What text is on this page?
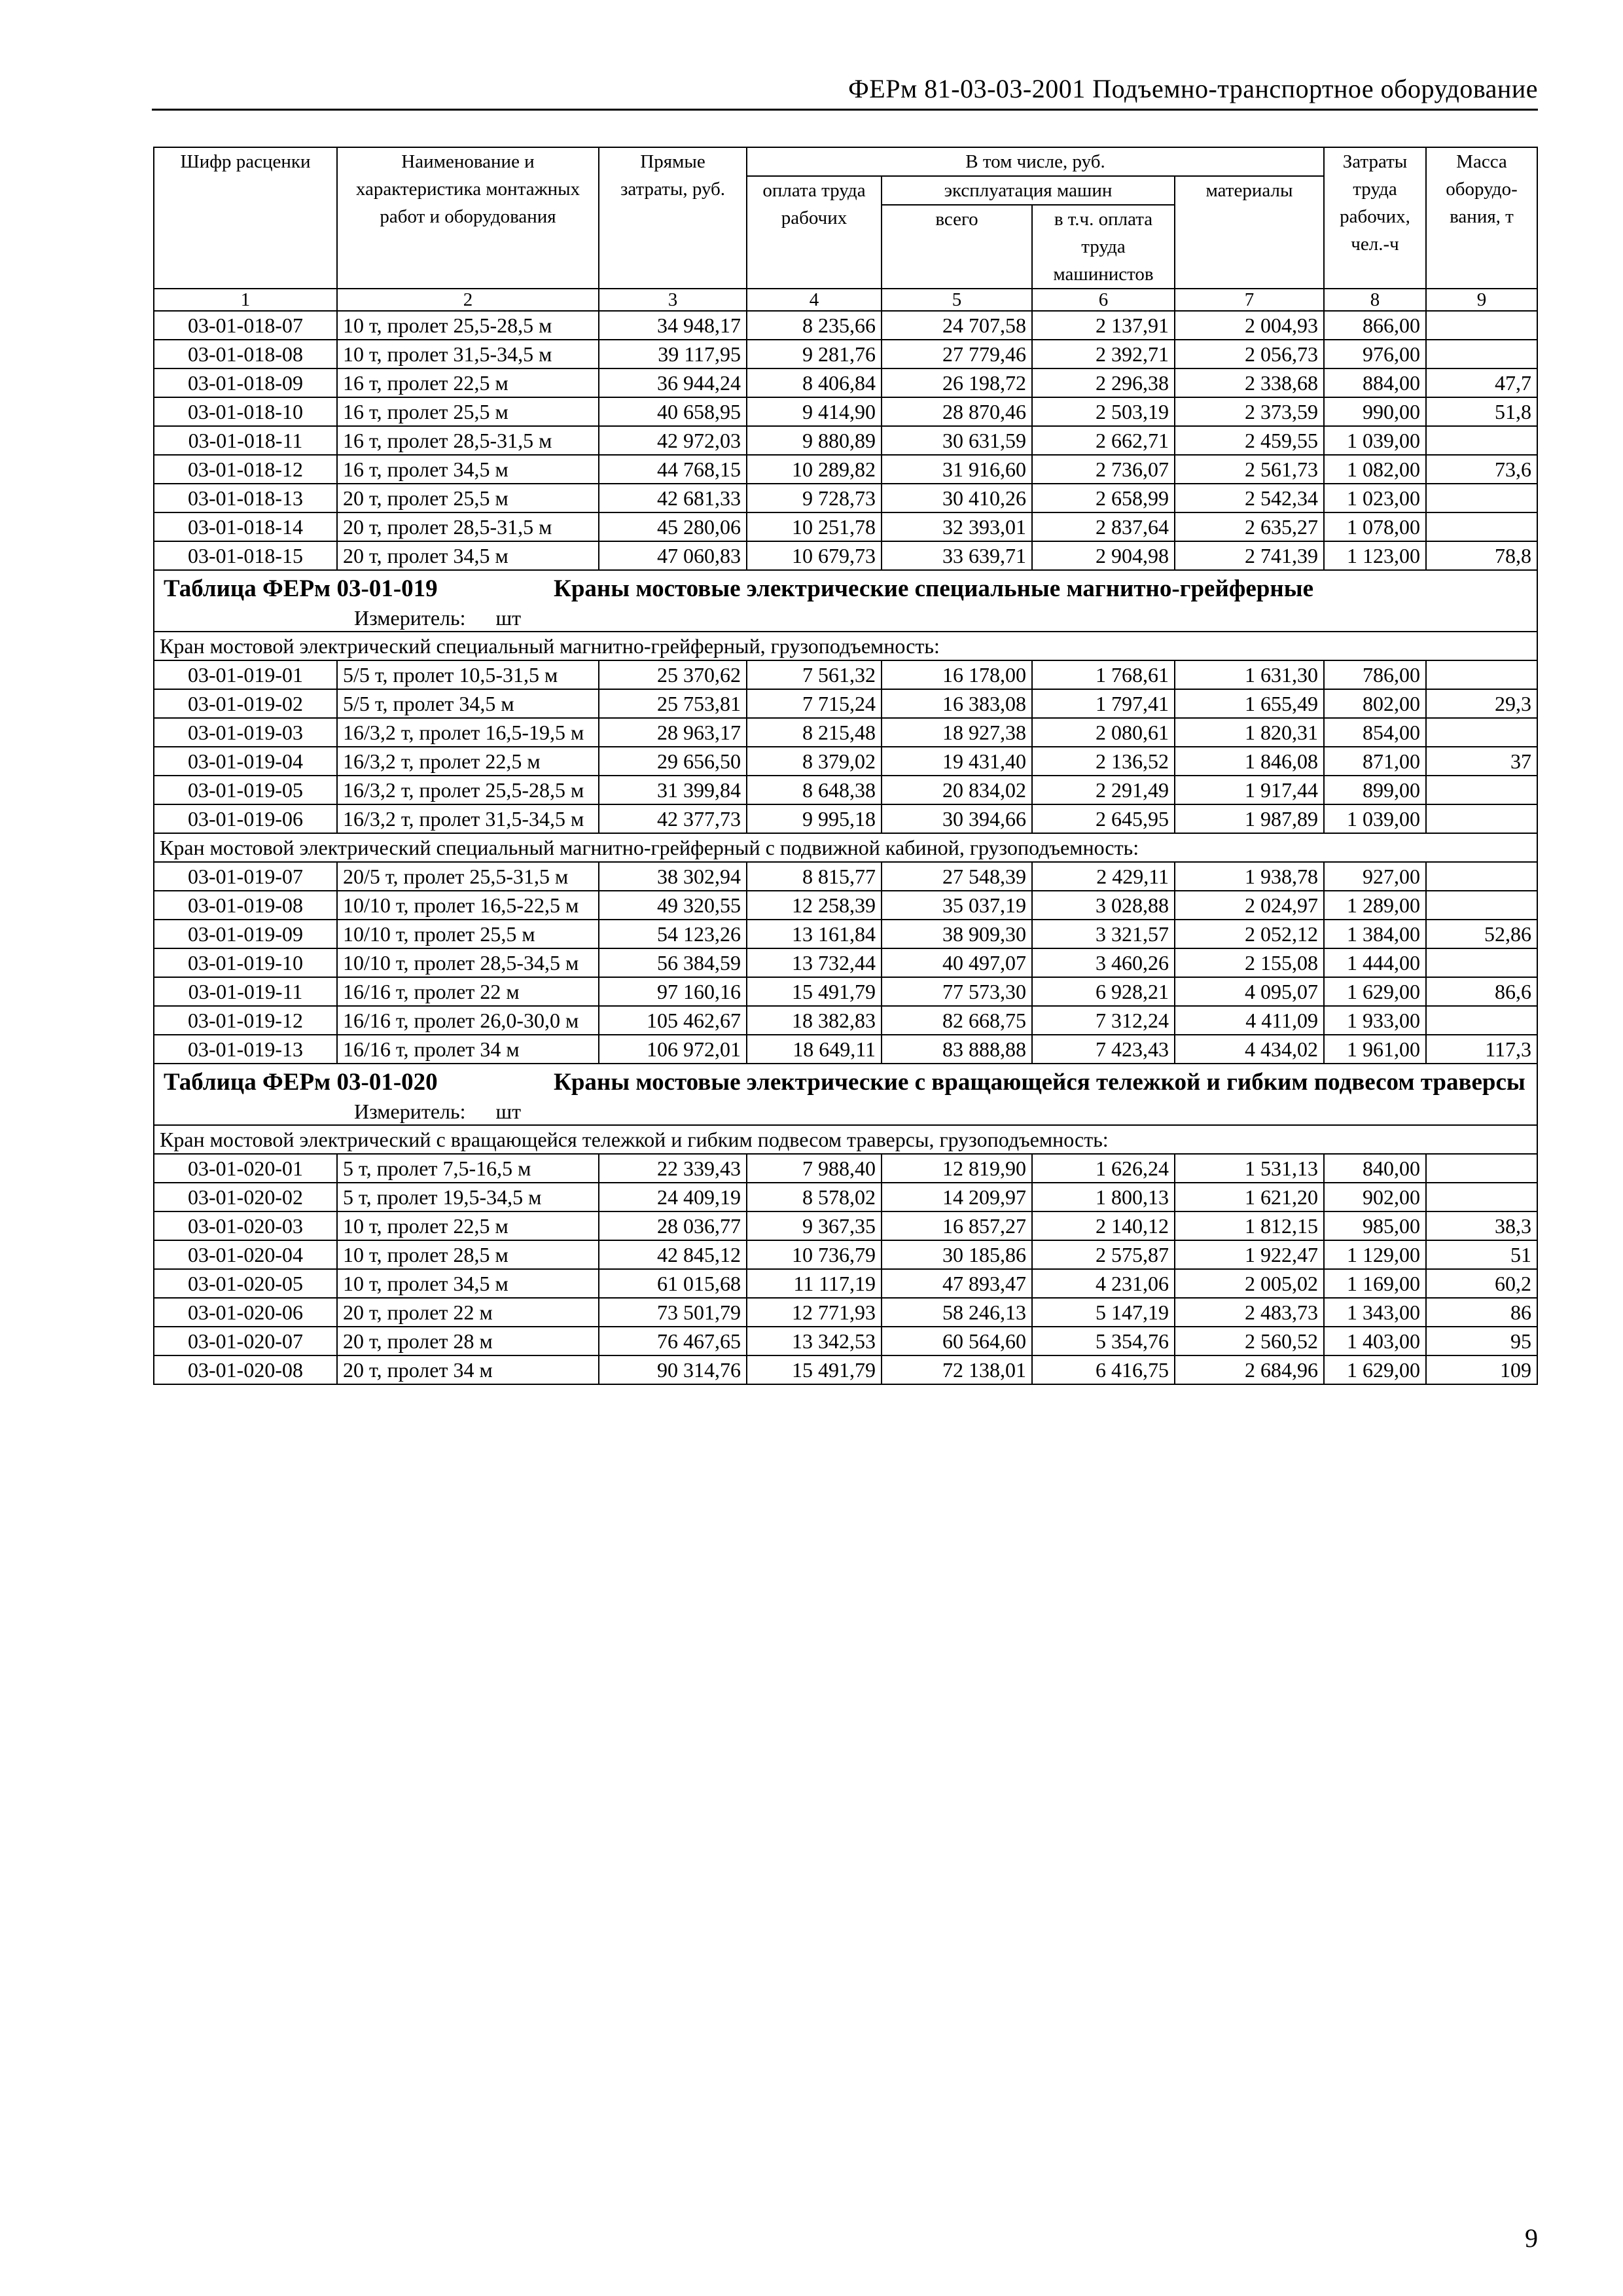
ФЕРм 81-03-03-2001 Подъемно-транспортное оборудование
Шифр расценки	Наименование и характеристика монтажных работ и оборудования	Прямые затраты, руб.	В том числе, руб.				Затраты труда рабочих, чел.-ч	Масса оборудо-вания, т
			оплата труда рабочих	эксплуатация машин		материалы		
				всего	в т.ч. оплата труда машинистов			
1	2	3	4	5	6	7	8	9
03-01-018-07	10 т, пролет 25,5-28,5 м	34 948,17	8 235,66	24 707,58	2 137,91	2 004,93	866,00	
03-01-018-08	10 т, пролет 31,5-34,5 м	39 117,95	9 281,76	27 779,46	2 392,71	2 056,73	976,00	
03-01-018-09	16 т, пролет 22,5 м	36 944,24	8 406,84	26 198,72	2 296,38	2 338,68	884,00	47,7
03-01-018-10	16 т, пролет 25,5 м	40 658,95	9 414,90	28 870,46	2 503,19	2 373,59	990,00	51,8
03-01-018-11	16 т, пролет 28,5-31,5 м	42 972,03	9 880,89	30 631,59	2 662,71	2 459,55	1 039,00	
03-01-018-12	16 т, пролет 34,5 м	44 768,15	10 289,82	31 916,60	2 736,07	2 561,73	1 082,00	73,6
03-01-018-13	20 т, пролет 25,5 м	42 681,33	9 728,73	30 410,26	2 658,99	2 542,34	1 023,00	
03-01-018-14	20 т, пролет 28,5-31,5 м	45 280,06	10 251,78	32 393,01	2 837,64	2 635,27	1 078,00	
03-01-018-15	20 т, пролет 34,5 м	47 060,83	10 679,73	33 639,71	2 904,98	2 741,39	1 123,00	78,8

Таблица ФЕРм 03-01-019 Краны мостовые электрические специальные магнитно-грейферные
Измеритель: шт								

Кран мостовой электрический специальный магнитно-грейферный, грузоподъемность:								
03-01-019-01	5/5 т, пролет 10,5-31,5 м	25 370,62	7 561,32	16 178,00	1 768,61	1 631,30	786,00	
03-01-019-02	5/5 т, пролет 34,5 м	25 753,81	7 715,24	16 383,08	1 797,41	1 655,49	802,00	29,3
03-01-019-03	16/3,2 т, пролет 16,5-19,5 м	28 963,17	8 215,48	18 927,38	2 080,61	1 820,31	854,00	
03-01-019-04	16/3,2 т, пролет 22,5 м	29 656,50	8 379,02	19 431,40	2 136,52	1 846,08	871,00	37
03-01-019-05	16/3,2 т, пролет 25,5-28,5 м	31 399,84	8 648,38	20 834,02	2 291,49	1 917,44	899,00	
03-01-019-06	16/3,2 т, пролет 31,5-34,5 м	42 377,73	9 995,18	30 394,66	2 645,95	1 987,89	1 039,00	
Кран мостовой электрический специальный магнитно-грейферный с подвижной кабиной, грузоподъемность:								
03-01-019-07	20/5 т, пролет 25,5-31,5 м	38 302,94	8 815,77	27 548,39	2 429,11	1 938,78	927,00	
03-01-019-08	10/10 т, пролет 16,5-22,5 м	49 320,55	12 258,39	35 037,19	3 028,88	2 024,97	1 289,00	
03-01-019-09	10/10 т, пролет 25,5 м	54 123,26	13 161,84	38 909,30	3 321,57	2 052,12	1 384,00	52,86
03-01-019-10	10/10 т, пролет 28,5-34,5 м	56 384,59	13 732,44	40 497,07	3 460,26	2 155,08	1 444,00	
03-01-019-11	16/16 т, пролет 22 м	97 160,16	15 491,79	77 573,30	6 928,21	4 095,07	1 629,00	86,6
03-01-019-12	16/16 т, пролет 26,0-30,0 м	105 462,67	18 382,83	82 668,75	7 312,24	4 411,09	1 933,00	
03-01-019-13	16/16 т, пролет 34 м	106 972,01	18 649,11	83 888,88	7 423,43	4 434,02	1 961,00	117,3

Таблица ФЕРм 03-01-020 Краны мостовые электрические с вращающейся тележкой и гибким подвесом траверсы
Измеритель: шт								

Кран мостовой электрический с вращающейся тележкой и гибким подвесом траверсы, грузоподъемность:								
03-01-020-01	5 т, пролет 7,5-16,5 м	22 339,43	7 988,40	12 819,90	1 626,24	1 531,13	840,00	
03-01-020-02	5 т, пролет 19,5-34,5 м	24 409,19	8 578,02	14 209,97	1 800,13	1 621,20	902,00	
03-01-020-03	10 т, пролет 22,5 м	28 036,77	9 367,35	16 857,27	2 140,12	1 812,15	985,00	38,3
03-01-020-04	10 т, пролет 28,5 м	42 845,12	10 736,79	30 185,86	2 575,87	1 922,47	1 129,00	51
03-01-020-05	10 т, пролет 34,5 м	61 015,68	11 117,19	47 893,47	4 231,06	2 005,02	1 169,00	60,2
03-01-020-06	20 т, пролет 22 м	73 501,79	12 771,93	58 246,13	5 147,19	2 483,73	1 343,00	86
03-01-020-07	20 т, пролет 28 м	76 467,65	13 342,53	60 564,60	5 354,76	2 560,52	1 403,00	95
03-01-020-08	20 т, пролет 34 м	90 314,76	15 491,79	72 138,01	6 416,75	2 684,96	1 629,00	109
9
